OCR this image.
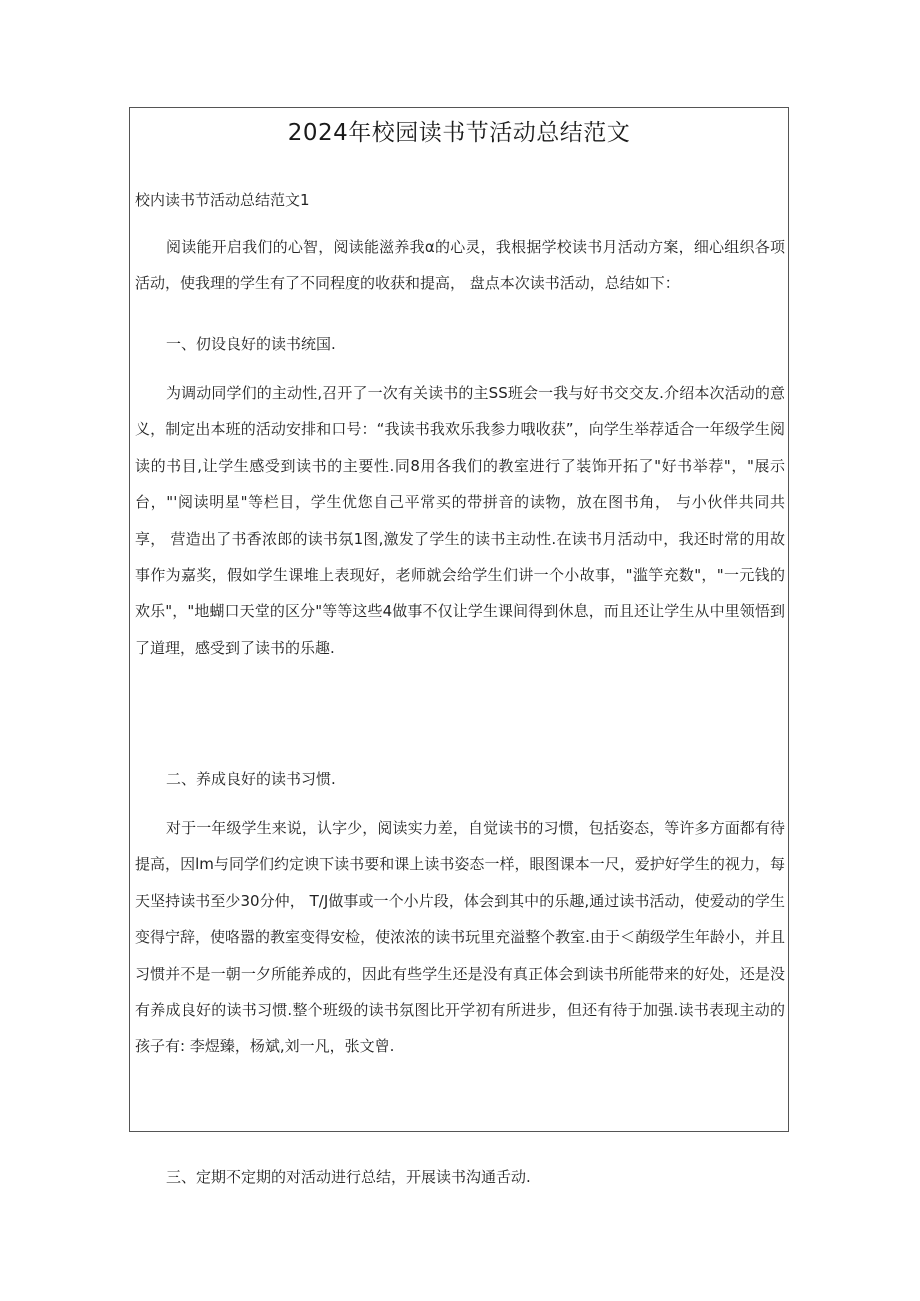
2024年校园读书节活动总结范文
校内读书节活动总结范文1
阅读能开启我们的心智，阅读能滋养我α的心灵，我根据学校读书月活动方案，细心组织各项活动，使我理的学生有了不同程度的收获和提高， 盘点本次读书活动，总结如下：
一、仞设良好的读书统国.
为调动同学们的主动性,召开了一次有关读书的主SS班会一我与好书交交友.介绍本次活动的意义，制定出本班的活动安排和口号：“我读书我欢乐我参力哦收获”，向学生举荐适合一年级学生阅读的书目,让学生感受到读书的主要性.同8用各我们的教室进行了装饰开拓了"好书举荐"，"展示台，"'阅读明星"等栏目，学生优您自己平常买的带拼音的读物，放在图书角， 与小伙伴共同共享， 营造出了书香浓郎的读书氛1图,激发了学生的读书主动性.在读书月活动中，我还时常的用故事作为嘉奖，假如学生课堆上表现好，老师就会给学生们讲一个小故事，"滥竽充数"，"一元钱的欢乐"，"地蝴口天堂的区分"等等这些4做事不仅让学生课间得到休息，而且还让学生从中里领悟到了道理，感受到了读书的乐趣.
二、养成良好的读书习惯.
对于一年级学生来说，认字少，阅读实力差，自觉读书的习惯，包括姿态，等许多方面都有待提高，因lm与同学们约定谀下读书要和课上读书姿态一样，眼图课本一尺，爱护好学生的视力，每天坚持读书至少30分仲， T/J做事或一个小片段，体会到其中的乐趣,通过读书活动，使爱动的学生变得宁辞，使咯嚣的教室变得安检，使浓浓的读书玩里充溢整个教室.由于＜蓢级学生年龄小，并且习惯并不是一朝一夕所能养成的，因此有些学生还是没有真正体会到读书所能带来的好处，还是没有养成良好的读书习惯.整个班级的读书氛图比开学初有所进步，但还有待于加强.读书表现主动的孩子有: 李煜臻，杨斌,刘一凡，张文曾.
三、定期不定期的对活动进行总结，开展读书沟通舌动.
